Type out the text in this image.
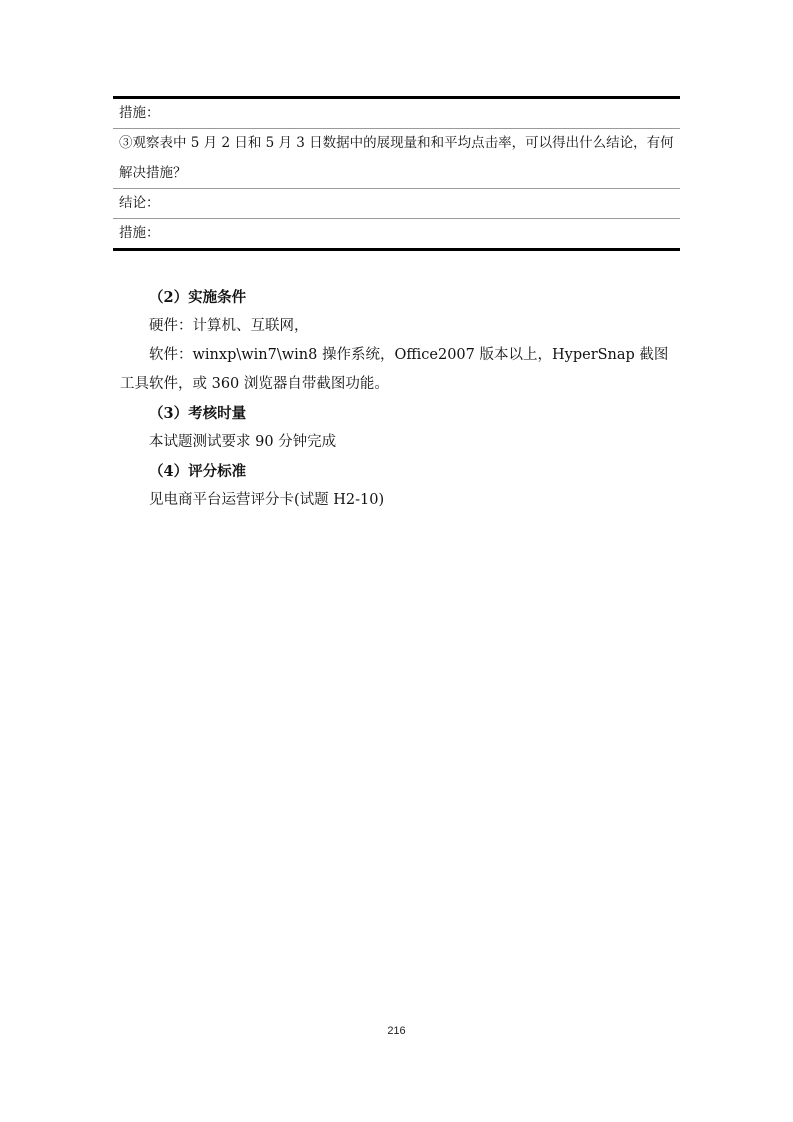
措施：
③观察表中 5 月 2 日和 5 月 3 日数据中的展现量和和平均点击率，可以得出什么结论，有何
解决措施？
结论：
措施：
（2）实施条件
硬件：计算机、互联网，
软件：winxp\win7\win8 操作系统，Office2007 版本以上，HyperSnap 截图工具软件，或 360 浏览器自带截图功能。
（3）考核时量
本试题测试要求 90 分钟完成
（4）评分标准
见电商平台运营评分卡(试题 H2-10)
216
